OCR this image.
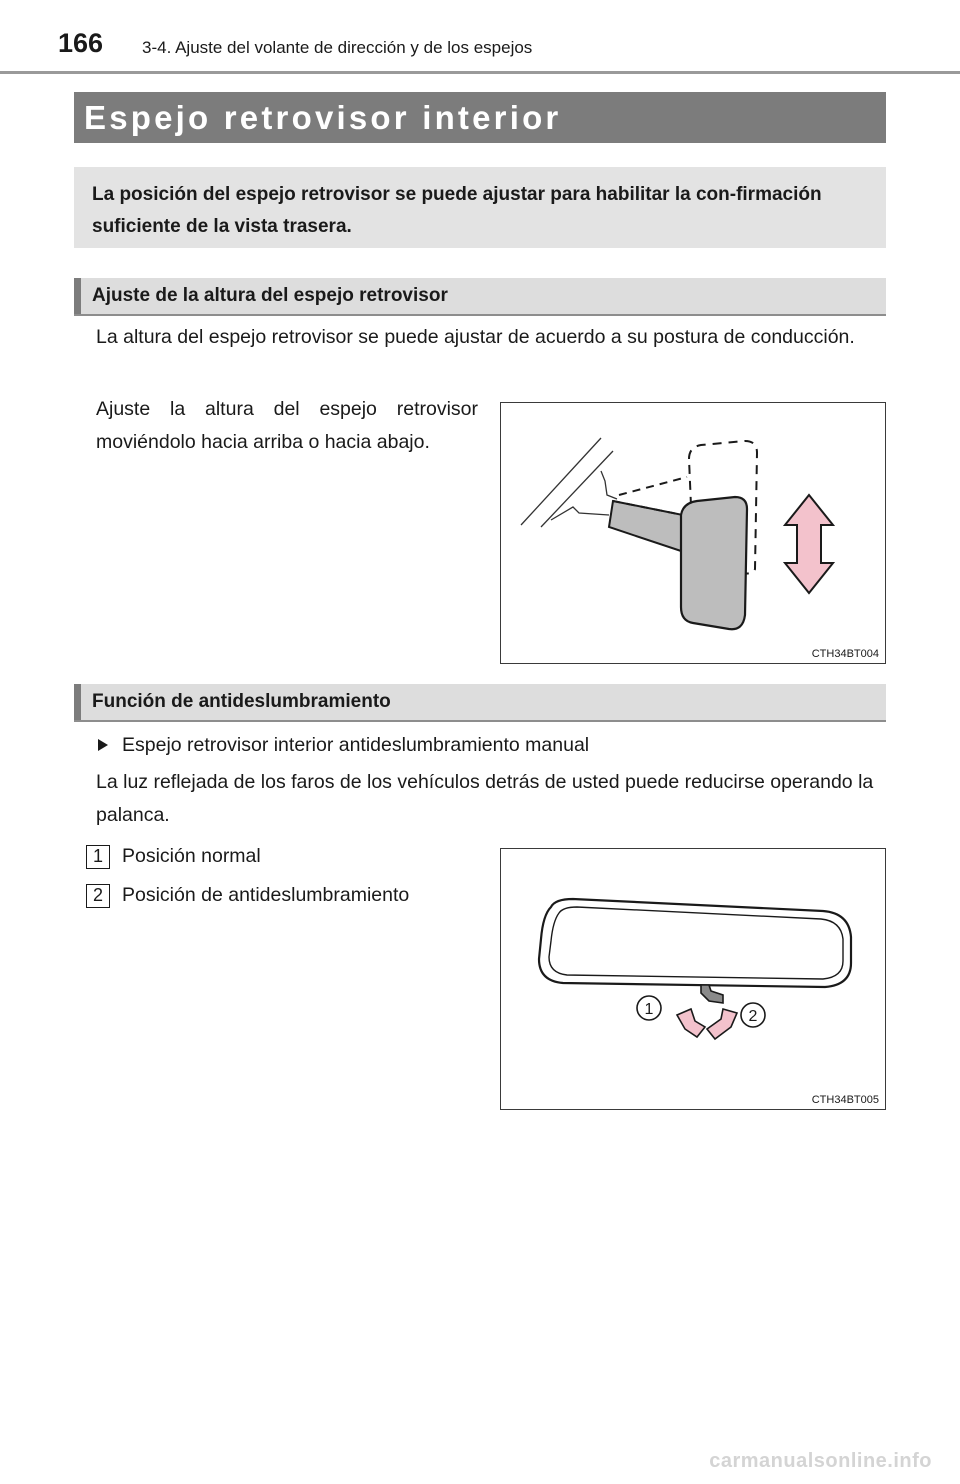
166 3-4. Ajuste del volante de dirección y de los espejos
Espejo retrovisor interior
La posición del espejo retrovisor se puede ajustar para habilitar la con-firmación suficiente de la vista trasera.
Ajuste de la altura del espejo retrovisor
La altura del espejo retrovisor se puede ajustar de acuerdo a su postura de conducción.
Ajuste la altura del espejo retrovisor moviéndolo hacia arriba o hacia abajo.
CTH34BT004
Función de antideslumbramiento
Espejo retrovisor interior antideslumbramiento manual
La luz reflejada de los faros de los vehículos detrás de usted puede reducirse operando la palanca.
1 Posición normal
2 Posición de antideslumbramiento
1	2
CTH34BT005
carmanualsonline.info
